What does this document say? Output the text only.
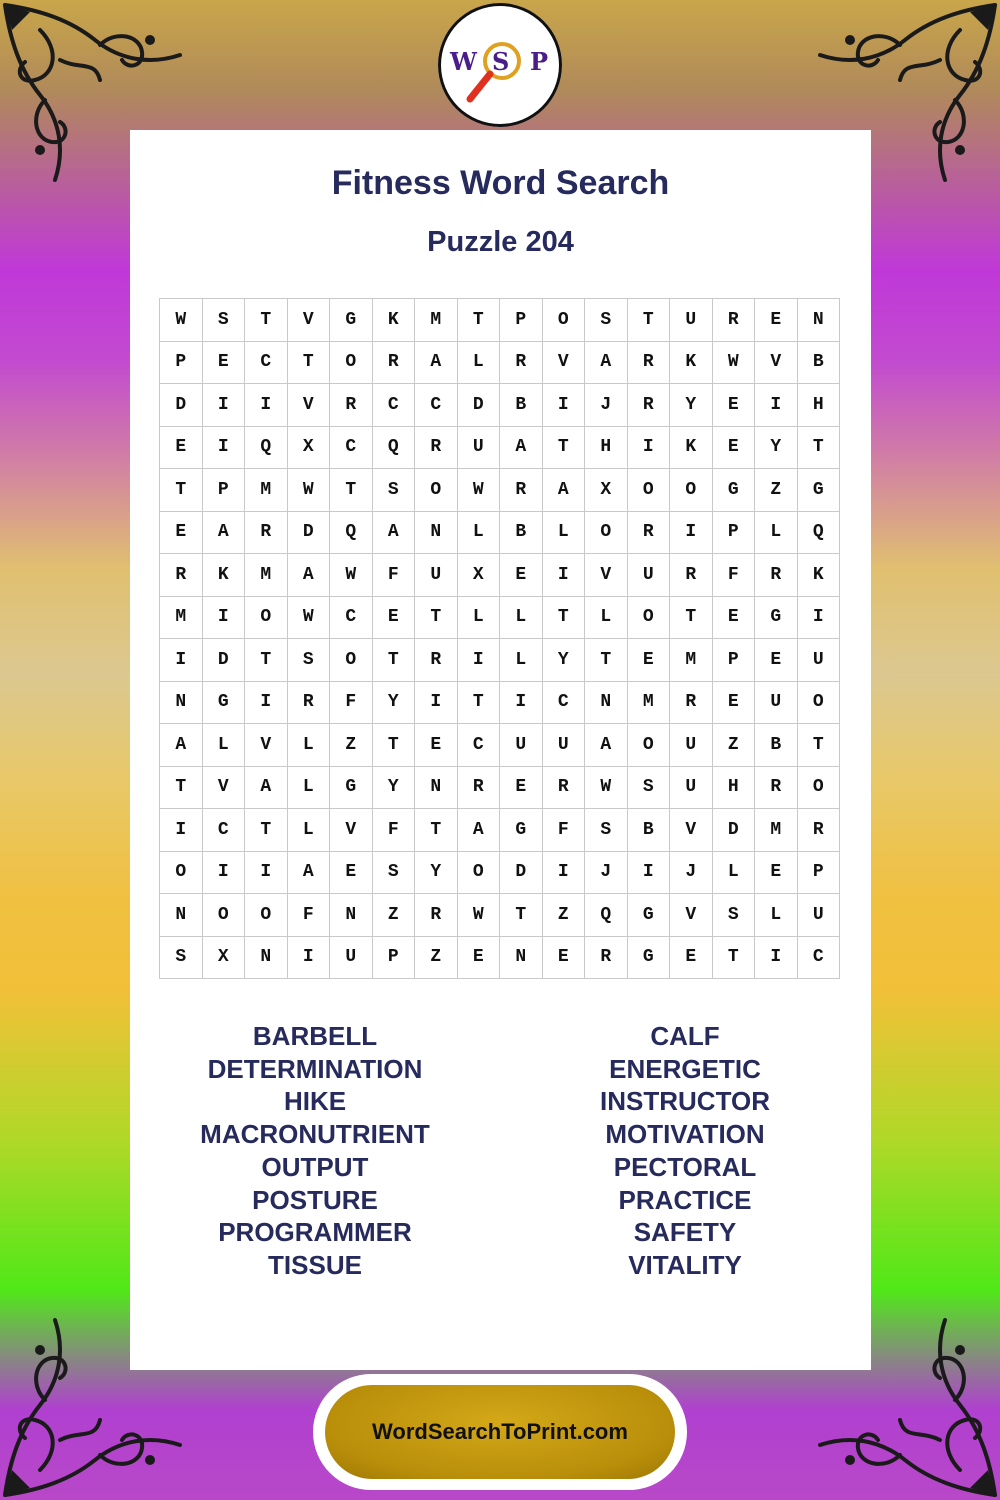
W S P
Fitness Word Search
Puzzle 204
W	S	T	V	G	K	M	T	P	O	S	T	U	R	E	N
P	E	C	T	O	R	A	L	R	V	A	R	K	W	V	B
D	I	I	V	R	C	C	D	B	I	J	R	Y	E	I	H
E	I	Q	X	C	Q	R	U	A	T	H	I	K	E	Y	T
T	P	M	W	T	S	O	W	R	A	X	O	O	G	Z	G
E	A	R	D	Q	A	N	L	B	L	O	R	I	P	L	Q
R	K	M	A	W	F	U	X	E	I	V	U	R	F	R	K
M	I	O	W	C	E	T	L	L	T	L	O	T	E	G	I
I	D	T	S	O	T	R	I	L	Y	T	E	M	P	E	U
N	G	I	R	F	Y	I	T	I	C	N	M	R	E	U	O
A	L	V	L	Z	T	E	C	U	U	A	O	U	Z	B	T
T	V	A	L	G	Y	N	R	E	R	W	S	U	H	R	O
I	C	T	L	V	F	T	A	G	F	S	B	V	D	M	R
O	I	I	A	E	S	Y	O	D	I	J	I	J	L	E	P
N	O	O	F	N	Z	R	W	T	Z	Q	G	V	S	L	U
S	X	N	I	U	P	Z	E	N	E	R	G	E	T	I	C
BARBELL
DETERMINATION
HIKE
MACRONUTRIENT
OUTPUT
POSTURE
PROGRAMMER
TISSUE
CALF
ENERGETIC
INSTRUCTOR
MOTIVATION
PECTORAL
PRACTICE
SAFETY
VITALITY
WordSearchToPrint.com
